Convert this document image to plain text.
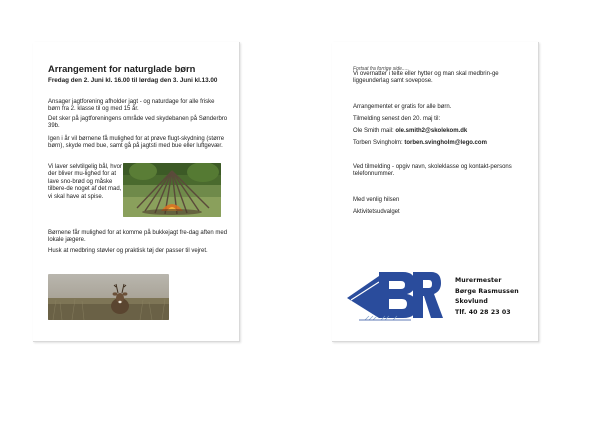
Arrangement for naturglade børn

Fredag den 2. Juni kl. 16.00 til lørdag den 3. Juni kl.13.00

Ansager jagtforening afholder jagt - og naturdage for alle friske børn fra 2. klasse til og med 15 år.

Det sker på jagtforeningens område ved skydebanen på Sønderbro 39b.

Igen i år vil børnene få mulighed for at prøve flugt-skydning (større børn), skyde med bue, samt gå på jagtsti med bue eller luftgevær.

Vi laver selvtilgelig bål, hvor der bliver mu-lighed for at lave sno-brød og måske tilbere-de noget af det mad, vi skal have at spise.

Børnene får mulighed for at komme på bukkejagt fre-dag aften med lokale jægere.

Husk at medbring støvler og praktisk tøj der passer til vejret.

Fortsat fra forrige side.....

Vi overnatter i telte eller hytter og man skal medbrin-ge liggeunderlag samt sovepose.

Arrangementet er gratis for alle børn.

Tilmelding senest den 20. maj til:

Ole Smith mail: ole.smith2@skolekom.dk

Torben Svingholm: torben.svingholm@lego.com

Ved tilmelding - opgiv navn, skoleklasse og kontakt-persons telefonnummer.

Med venlig hilsen

Aktivitetsudvalget

Murermester
Børge Rasmussen
Skovlund
Tlf. 40 28 23 03
